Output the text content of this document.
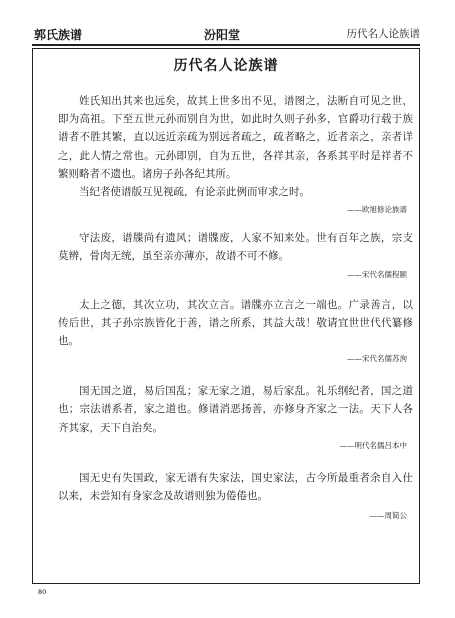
郭氏族谱	汾阳堂	历代名人论族谱
历代名人论族谱

姓氏知出其来也远矣，故其上世多出不见，谱图之，法断自可见之世，即为高祖。下至五世元孙而别自为世，如此时久则子孙多，官爵功行载于族谱者不胜其繁，直以远近亲疏为别远者疏之，疏者略之，近者亲之，亲者详之，此人情之常也。元孙即别，自为五世，各祥其亲，各系其平时是祥者不繁则略者不遗也。诸房子孙各纪其所。

当纪者使谱版互见视疏，有论亲此例而审求之时。

——欧旭修论族谱

守法废，谱牒尚有遗风；谱牒废，人家不知来处。世有百年之族，宗支莫辨，骨肉无统，虽至亲亦薄亦，故谱不可不修。

——宋代名儒程颐

太上之德，其次立功，其次立言。谱牒亦立言之一端也。广录善言，以传后世，其子孙宗族皆化于善，谱之所系，其益大哉！敬请宜世世代代纂修也。

——宋代名儒苏洵

国无国之道，易后国乱；家无家之道，易后家乱。礼乐纲纪者，国之道也；宗法谱系者，家之道也。修谱消恶扬善，亦修身齐家之一法。天下人各齐其家，天下自治矣。

——明代名儒吕本中

国无史有失国政，家无谱有失家法，国史家法，古今所最重者余自入仕以来，未尝知有身家念及故谱则独为倦倦也。

——周简公

80
